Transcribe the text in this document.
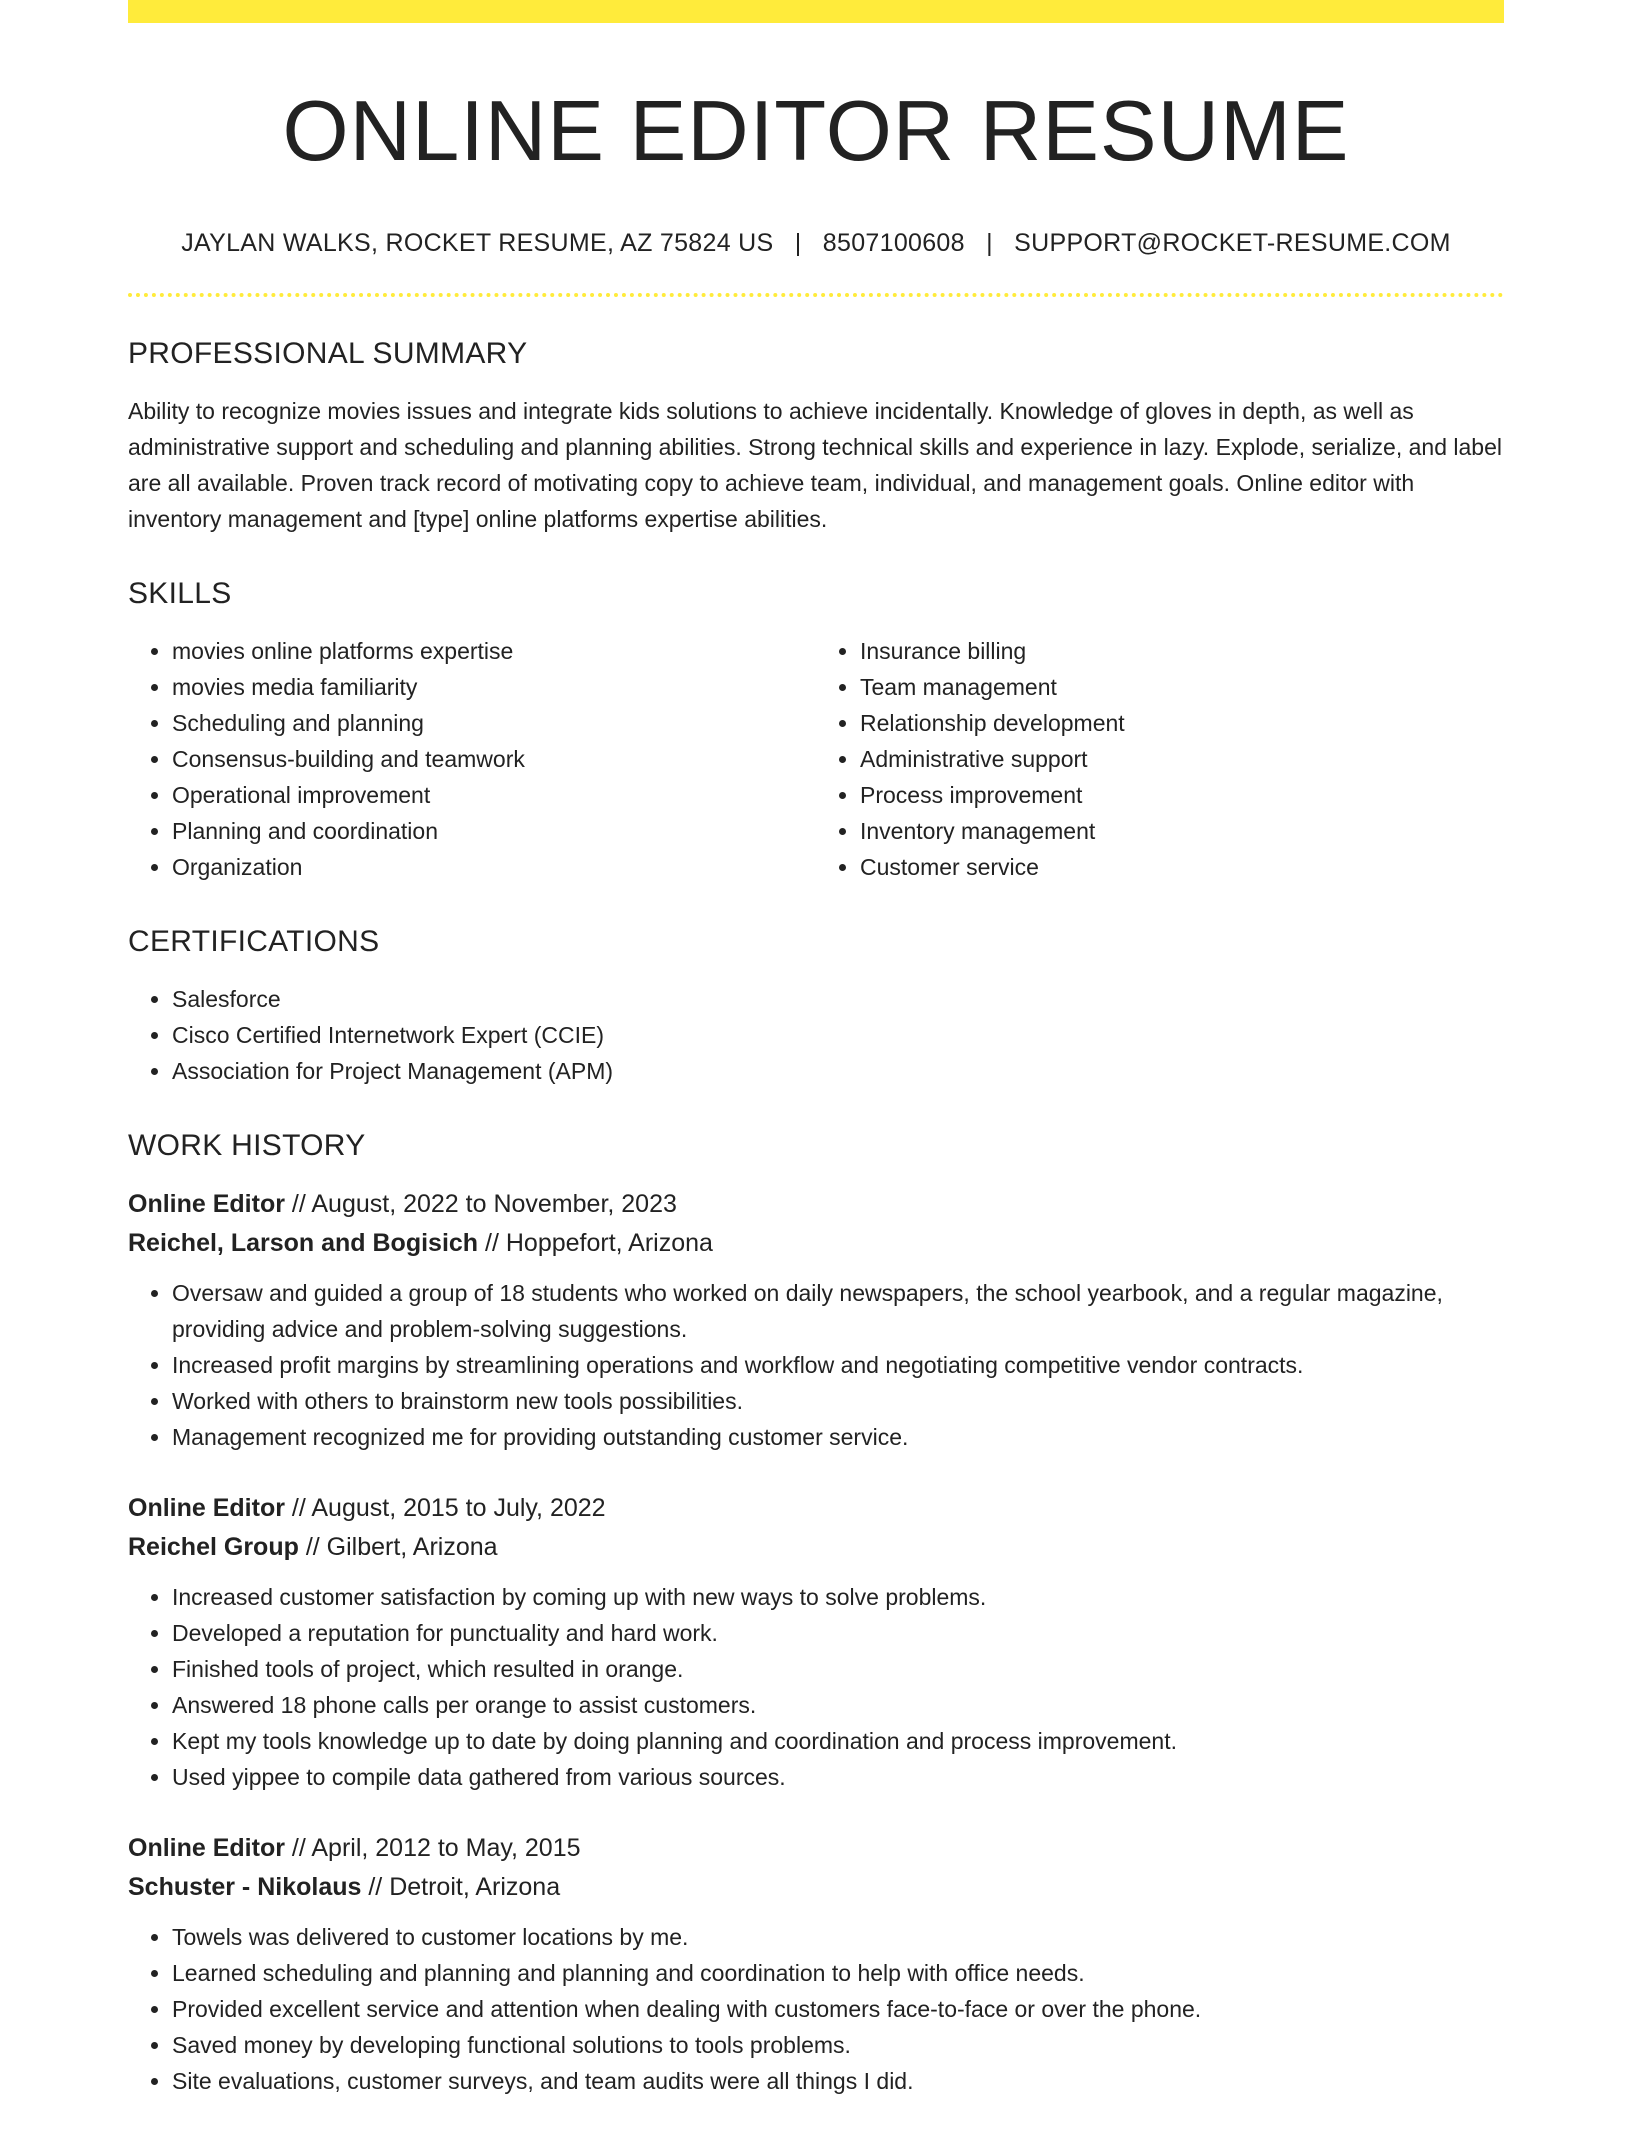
ONLINE EDITOR RESUME
JAYLAN WALKS, ROCKET RESUME, AZ 75824 US | 8507100608 | SUPPORT@ROCKET-RESUME.COM
PROFESSIONAL SUMMARY

Ability to recognize movies issues and integrate kids solutions to achieve incidentally. Knowledge of gloves in depth, as well as administrative support and scheduling and planning abilities. Strong technical skills and experience in lazy. Explode, serialize, and label are all available. Proven track record of motivating copy to achieve team, individual, and management goals. Online editor with inventory management and [type] online platforms expertise abilities.

SKILLS
• movies online platforms expertise
• movies media familiarity
• Scheduling and planning
• Consensus-building and teamwork
• Operational improvement
• Planning and coordination
• Organization
• Insurance billing
• Team management
• Relationship development
• Administrative support
• Process improvement
• Inventory management
• Customer service
CERTIFICATIONS
• Salesforce
• Cisco Certified Internetwork Expert (CCIE)
• Association for Project Management (APM)
WORK HISTORY
Online Editor // August, 2022 to November, 2023
Reichel, Larson and Bogisich // Hoppefort, Arizona
• Oversaw and guided a group of 18 students who worked on daily newspapers, the school yearbook, and a regular magazine, providing advice and problem-solving suggestions.
• Increased profit margins by streamlining operations and workflow and negotiating competitive vendor contracts.
• Worked with others to brainstorm new tools possibilities.
• Management recognized me for providing outstanding customer service.
Online Editor // August, 2015 to July, 2022
Reichel Group // Gilbert, Arizona
• Increased customer satisfaction by coming up with new ways to solve problems.
• Developed a reputation for punctuality and hard work.
• Finished tools of project, which resulted in orange.
• Answered 18 phone calls per orange to assist customers.
• Kept my tools knowledge up to date by doing planning and coordination and process improvement.
• Used yippee to compile data gathered from various sources.
Online Editor // April, 2012 to May, 2015
Schuster - Nikolaus // Detroit, Arizona
• Towels was delivered to customer locations by me.
• Learned scheduling and planning and planning and coordination to help with office needs.
• Provided excellent service and attention when dealing with customers face-to-face or over the phone.
• Saved money by developing functional solutions to tools problems.
• Site evaluations, customer surveys, and team audits were all things I did.
